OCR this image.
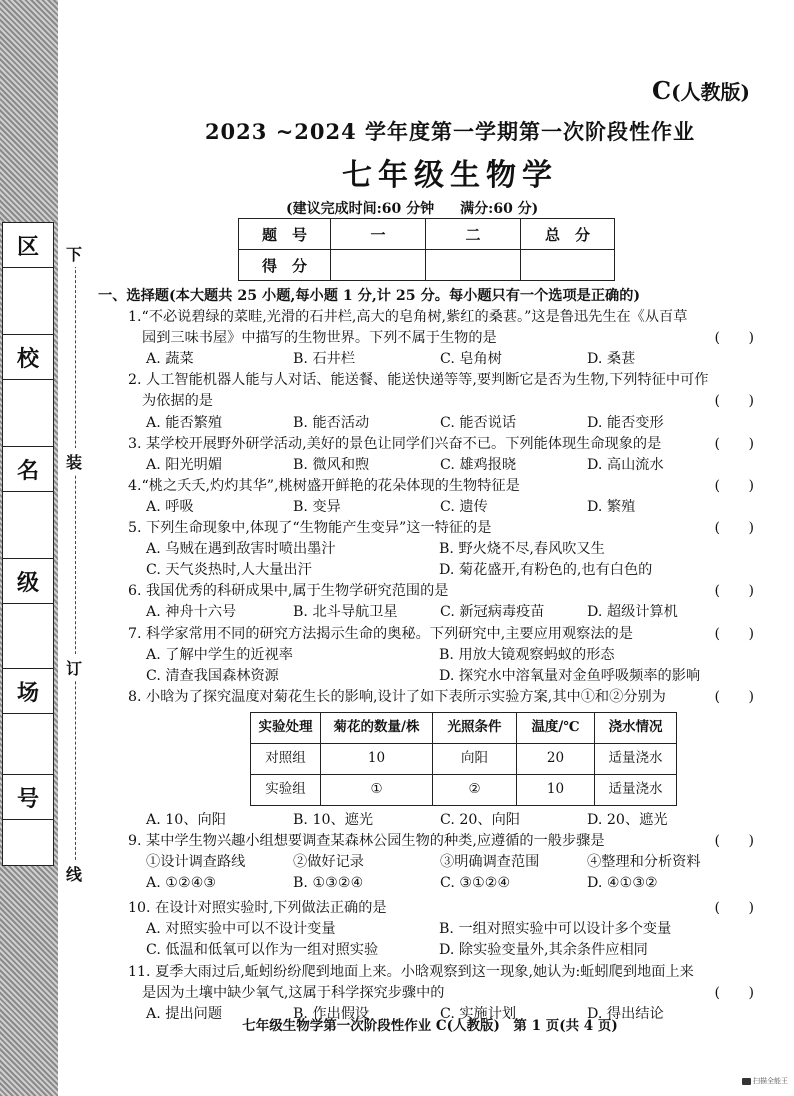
区
校
名
级
场
号
下
装
订
线
C(人教版)
2023 ~2024 学年度第一学期第一次阶段性作业
七年级生物学
(建议完成时间:60 分钟 满分:60 分)
题　号	一	二	总　分
得　分			
一、选择题(本大题共 25 小题,每小题 1 分,计 25 分。每小题只有一个选项是正确的)
1.“不必说碧绿的菜畦,光滑的石井栏,高大的皂角树,紫红的桑葚。”这是鲁迅先生在《从百草
园到三味书屋》中描写的生物世界。下列不属于生物的是	(　　)
A. 蔬菜	B. 石井栏	C. 皂角树	D. 桑葚
2. 人工智能机器人能与人对话、能送餐、能送快递等等,要判断它是否为生物,下列特征中可作
为依据的是	(　　)
A. 能否繁殖	B. 能否活动	C. 能否说话	D. 能否变形
3. 某学校开展野外研学活动,美好的景色让同学们兴奋不已。下列能体现生命现象的是	(　　)
A. 阳光明媚	B. 微风和煦	C. 雄鸡报晓	D. 高山流水
4.“桃之夭夭,灼灼其华”,桃树盛开鲜艳的花朵体现的生物特征是	(　　)
A. 呼吸	B. 变异	C. 遗传	D. 繁殖
5. 下列生命现象中,体现了“生物能产生变异”这一特征的是	(　　)
A. 乌贼在遇到敌害时喷出墨汁	B. 野火烧不尽,春风吹又生
C. 天气炎热时,人大量出汗	D. 菊花盛开,有粉色的,也有白色的
6. 我国优秀的科研成果中,属于生物学研究范围的是	(　　)
A. 神舟十六号	B. 北斗导航卫星	C. 新冠病毒疫苗	D. 超级计算机
7. 科学家常用不同的研究方法揭示生命的奥秘。下列研究中,主要应用观察法的是	(　　)
A. 了解中学生的近视率	B. 用放大镜观察蚂蚁的形态
C. 清查我国森林资源	D. 探究水中溶氧量对金鱼呼吸频率的影响
8. 小晗为了探究温度对菊花生长的影响,设计了如下表所示实验方案,其中①和②分别为	(　　)
实验处理	菊花的数量/株	光照条件	温度/℃	浇水情况
对照组	10	向阳	20	适量浇水
实验组	①	②	10	适量浇水
A. 10、向阳	B. 10、遮光	C. 20、向阳	D. 20、遮光
9. 某中学生物兴趣小组想要调查某森林公园生物的种类,应遵循的一般步骤是	(　　)
①设计调查路线	②做好记录	③明确调查范围	④整理和分析资料
A. ①②④③	B. ①③②④	C. ③①②④	D. ④①③②
10. 在设计对照实验时,下列做法正确的是	(　　)
A. 对照实验中可以不设计变量	B. 一组对照实验中可以设计多个变量
C. 低温和低氧可以作为一组对照实验	D. 除实验变量外,其余条件应相同
11. 夏季大雨过后,蚯蚓纷纷爬到地面上来。小晗观察到这一现象,她认为:蚯蚓爬到地面上来
是因为土壤中缺少氧气,这属于科学探究步骤中的	(　　)
A. 提出问题	B. 作出假设	C. 实施计划	D. 得出结论
七年级生物学第一次阶段性作业 C(人教版)　第 1 页(共 4 页)
扫描全能王
